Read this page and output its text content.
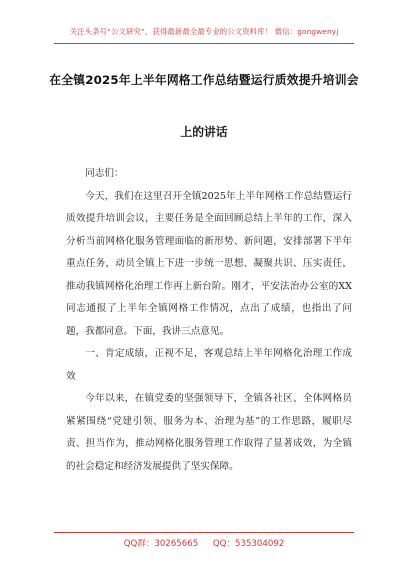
关注头条号“公文研究”，获得最新最全最专业的公文资料库！ 微信：gongwenyj
在全镇2025年上半年网格工作总结暨运行质效提升培训会
上的讲话

同志们：

今天，我们在这里召开全镇2025年上半年网格工作总结暨运行质效提升培训会议，主要任务是全面回顾总结上半年的工作，深入分析当前网格化服务管理面临的新形势、新问题，安排部署下半年重点任务，动员全镇上下进一步统一思想、凝聚共识、压实责任，推动我镇网格化治理工作再上新台阶。刚才，平安法治办公室的XX同志通报了上半年全镇网格工作情况，点出了成绩，也指出了问题，我都同意。下面，我讲三点意见。

一、肯定成绩，正视不足，客观总结上半年网格化治理工作成效

今年以来，在镇党委的坚强领导下，全镇各社区、全体网格员紧紧围绕“党建引领、服务为本、治理为基”的工作思路，履职尽责、担当作为，推动网格化服务管理工作取得了显著成效，为全镇的社会稳定和经济发展提供了坚实保障。

QQ群：30265665 QQ：535304092
